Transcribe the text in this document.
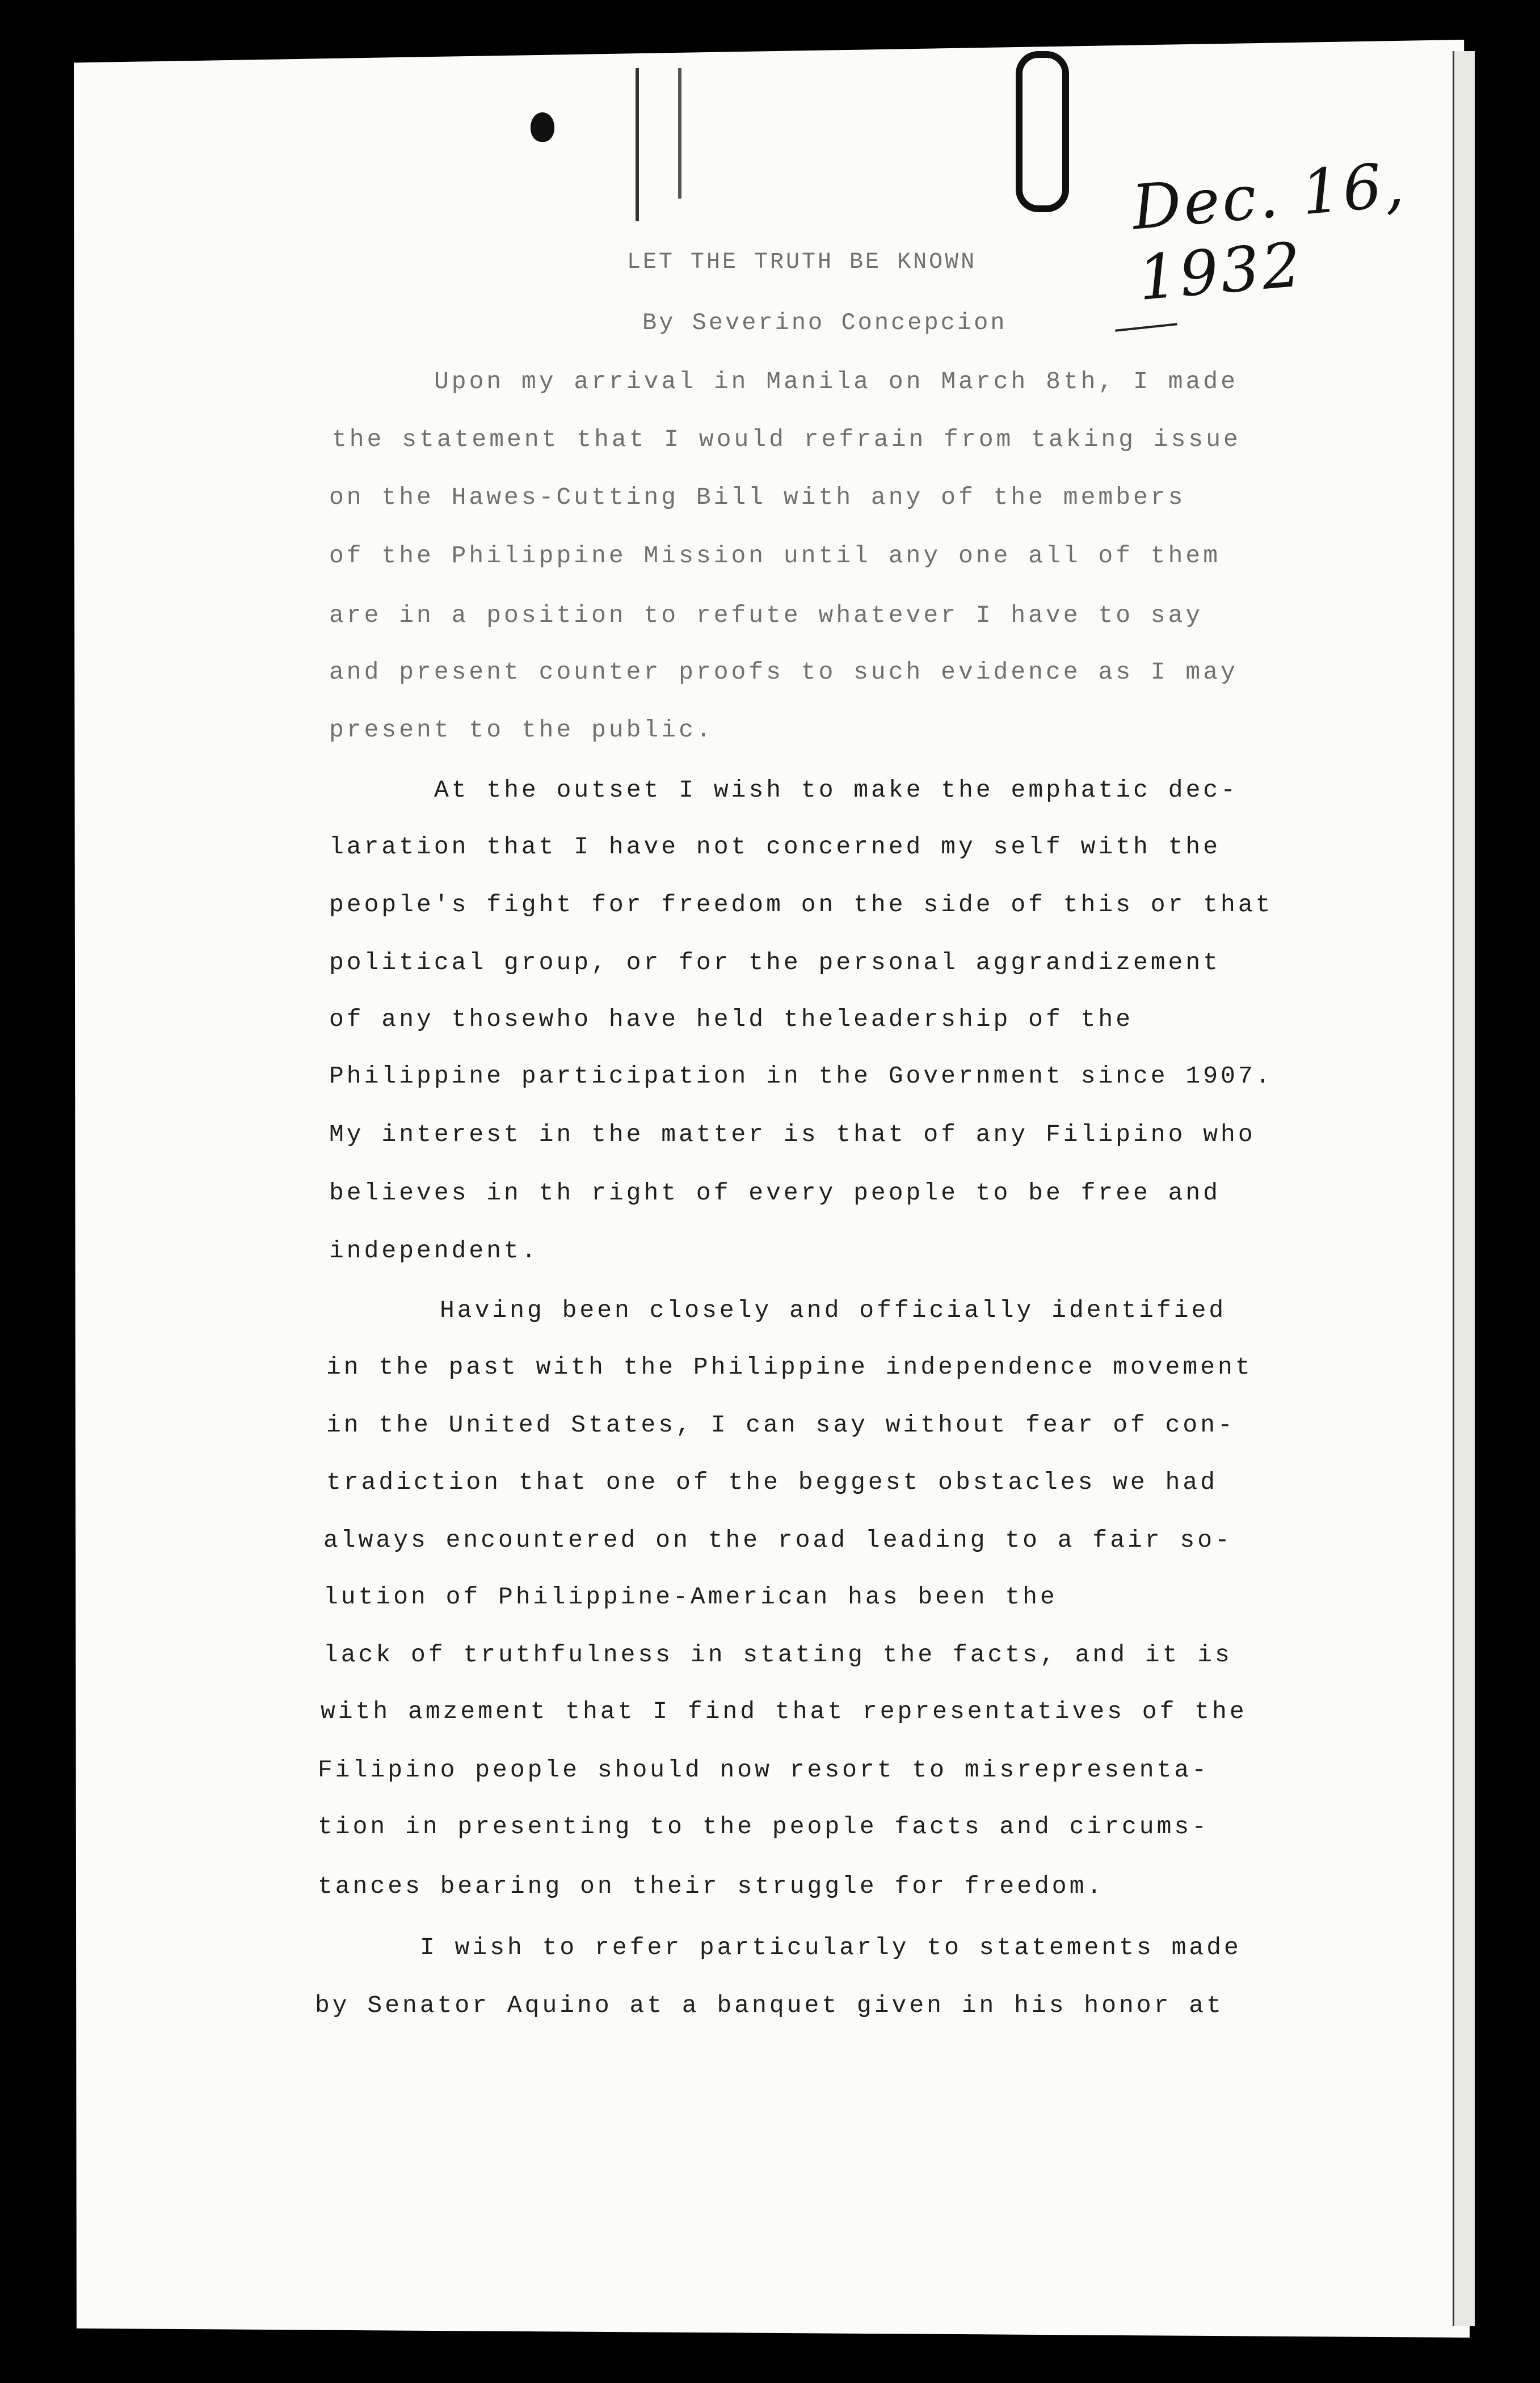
Dec. 16, 1932
LET THE TRUTH BE KNOWN
By Severino Concepcion
Upon my arrival in Manila on March 8th, I made
the statement that I would refrain from taking issue
on the Hawes-Cutting Bill with any of the members
of the Philippine Mission until any one all of them
are in a position to refute whatever I have to say
and present counter proofs to such evidence as I may
present to the public.
At the outset I wish to make the emphatic dec-
laration that I have not concerned my self with the
people's fight for freedom on the side of this or that
political group, or for the personal aggrandizement
of any thosewho have held theleadership of the
Philippine participation in the Government since 1907.
My interest in the matter is that of any Filipino who
believes in th right of every people to be free and
independent.
Having been closely and officially identified
in the past with the Philippine independence movement
in the United States, I can say without fear of con-
tradiction that one of the beggest obstacles we had
always encountered on the road leading to a fair so-
lution of Philippine-American has been the
lack of truthfulness in stating the facts, and it is
with amzement that I find that representatives of the
Filipino people should now resort to misrepresenta-
tion in presenting to the people facts and circums-
tances bearing on their struggle for freedom.
I wish to refer particularly to statements made
by Senator Aquino at a banquet given in his honor at
